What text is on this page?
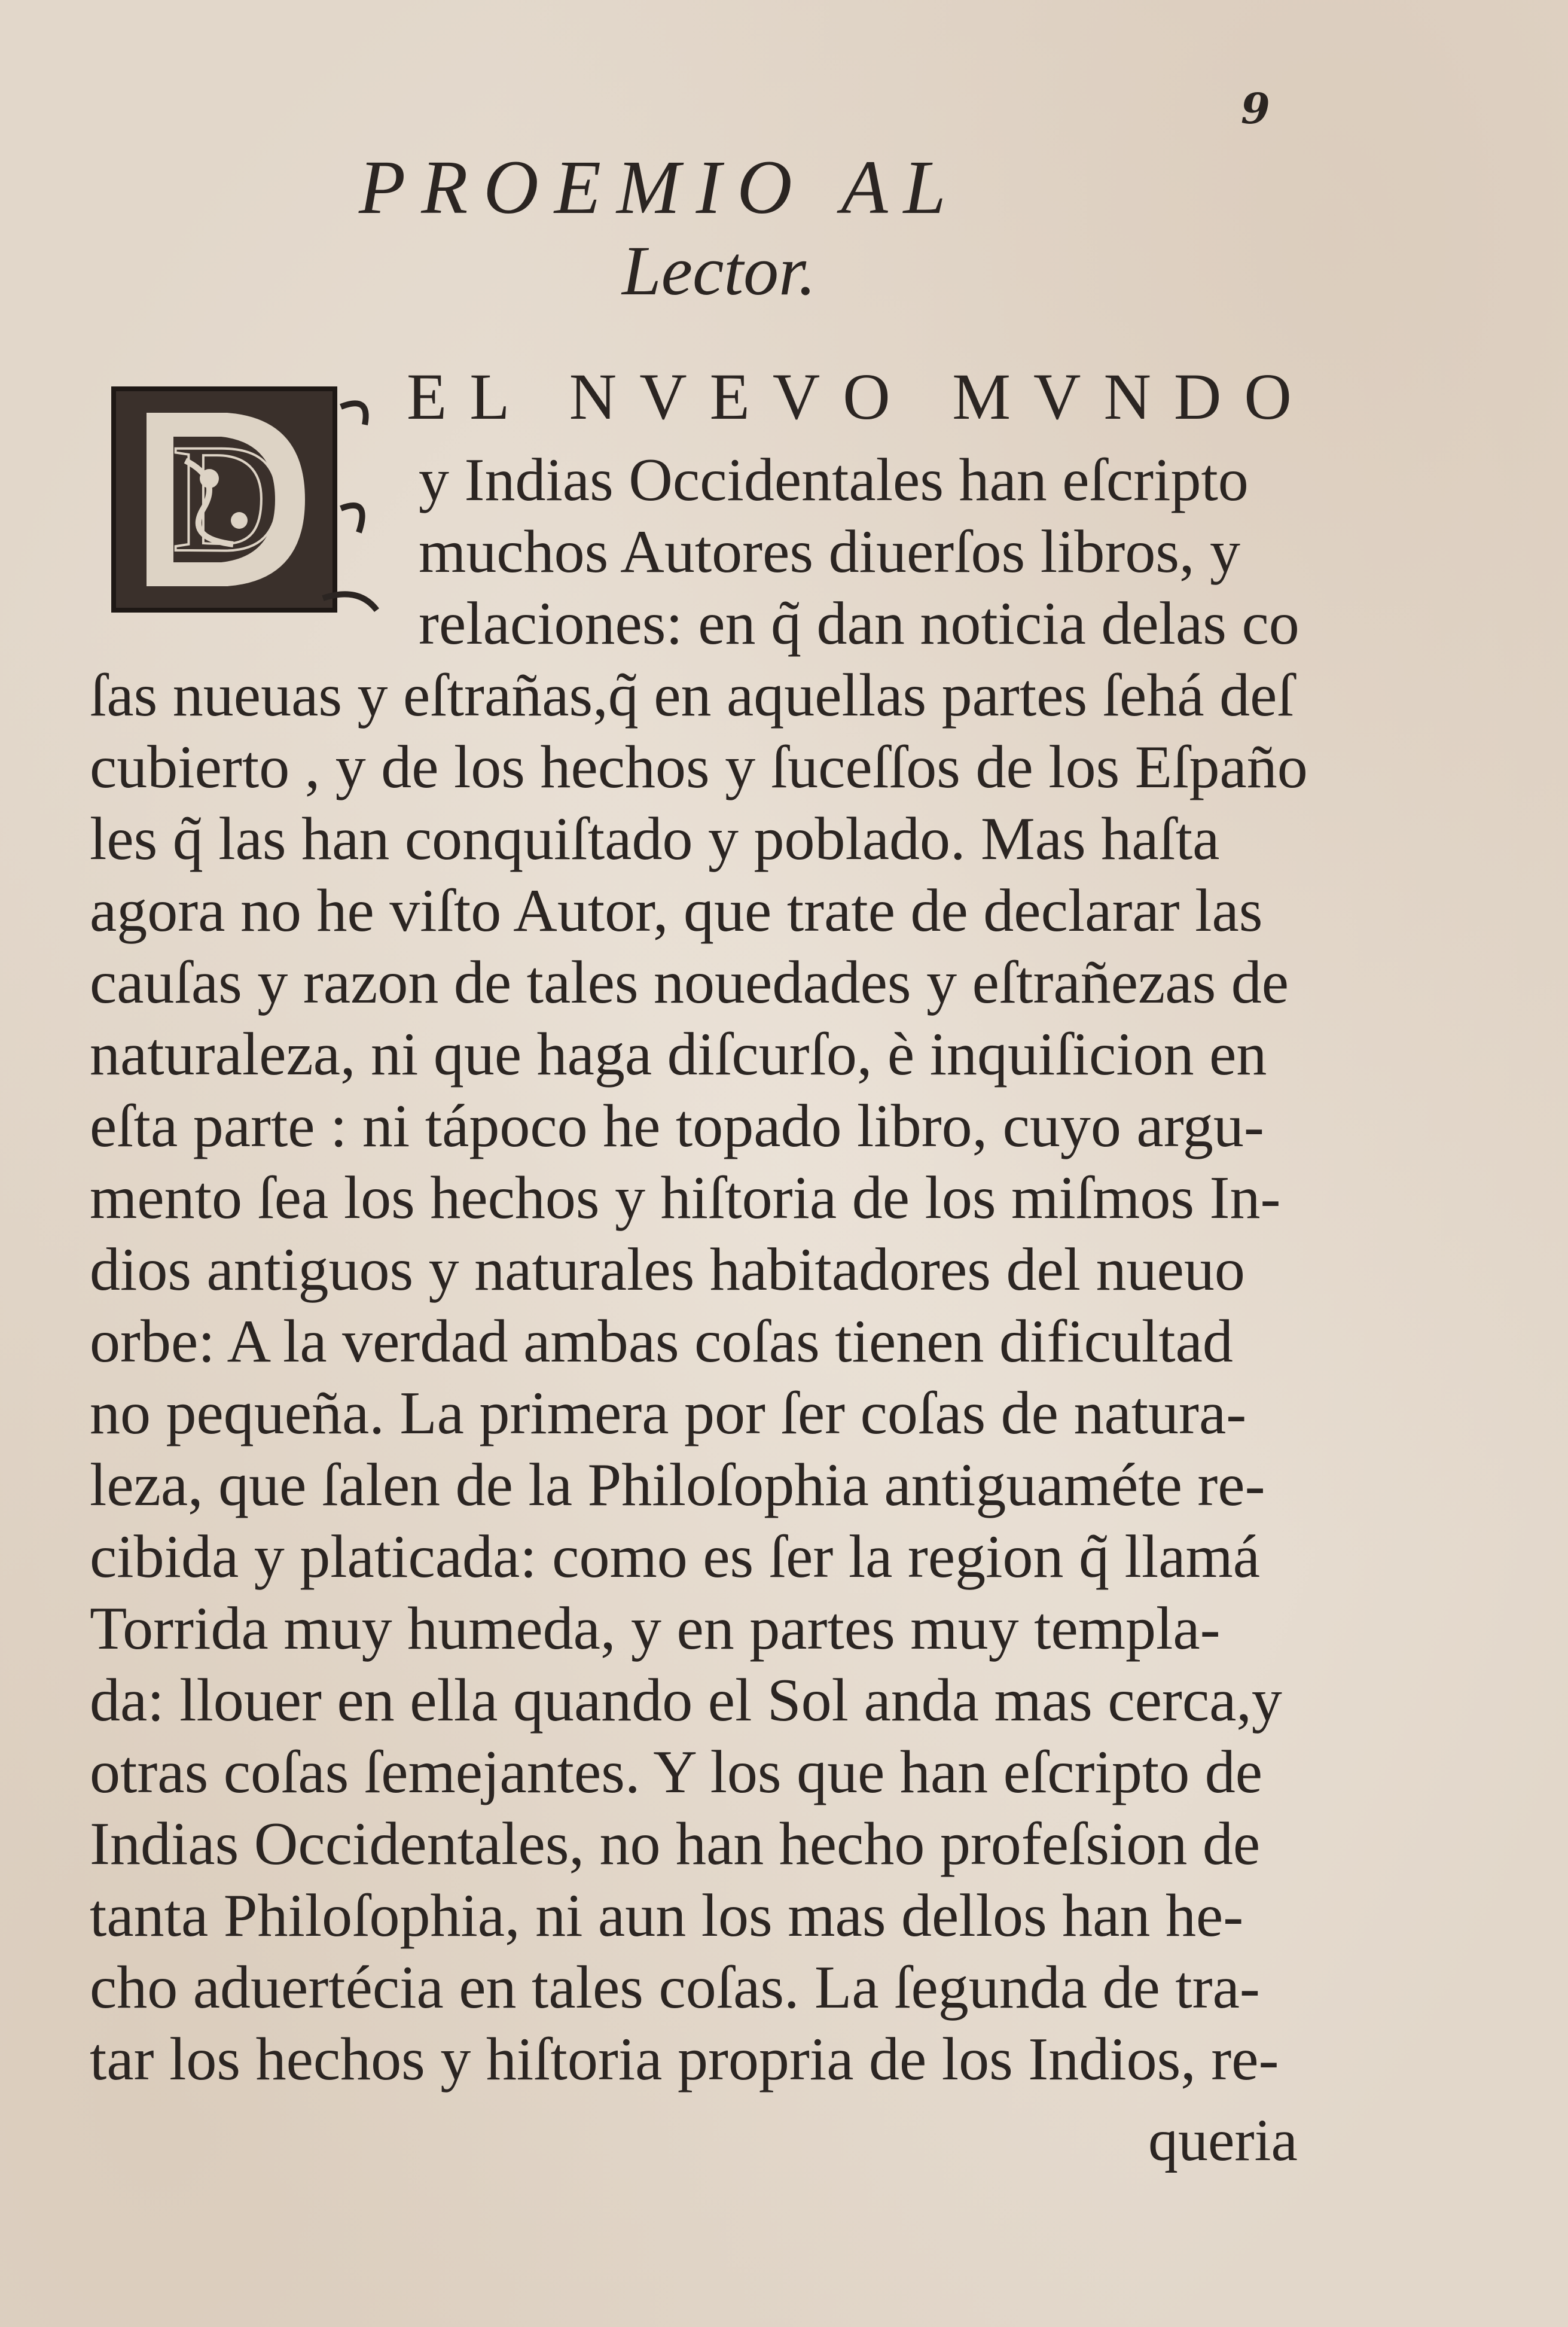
9
PROEMIO AL
Lector.
D
EL NVEVO MVNDO
y Indias Occidentales han eſcripto
muchos Autores diuerſos libros, y
relaciones: en q̃ dan noticia delas co
ſas nueuas y eſtrañas,q̃ en aquellas partes ſehá deſ
cubierto , y de los hechos y ſuceſſos de los Eſpaño
les q̃ las han conquiſtado y poblado. Mas haſta
agora no he viſto Autor, que trate de declarar las
cauſas y razon de tales nouedades y eſtrañezas de
naturaleza, ni que haga diſcurſo, è inquiſicion en
eſta parte : ni tápoco he topado libro, cuyo argu-
mento ſea los hechos y hiſtoria de los miſmos In-
dios antiguos y naturales habitadores del nueuo
orbe: A la verdad ambas coſas tienen dificultad
no pequeña. La primera por ſer coſas de natura-
leza, que ſalen de la Philoſophia antiguaméte re-
cibida y platicada: como es ſer la region q̃ llamá
Torrida muy humeda, y en partes muy templa-
da: llouer en ella quando el Sol anda mas cerca,y
otras coſas ſemejantes. Y los que han eſcripto de
Indias Occidentales, no han hecho profeſsion de
tanta Philoſophia, ni aun los mas dellos han he-
cho aduertécia en tales coſas. La ſegunda de tra-
tar los hechos y hiſtoria propria de los Indios, re-
queria
